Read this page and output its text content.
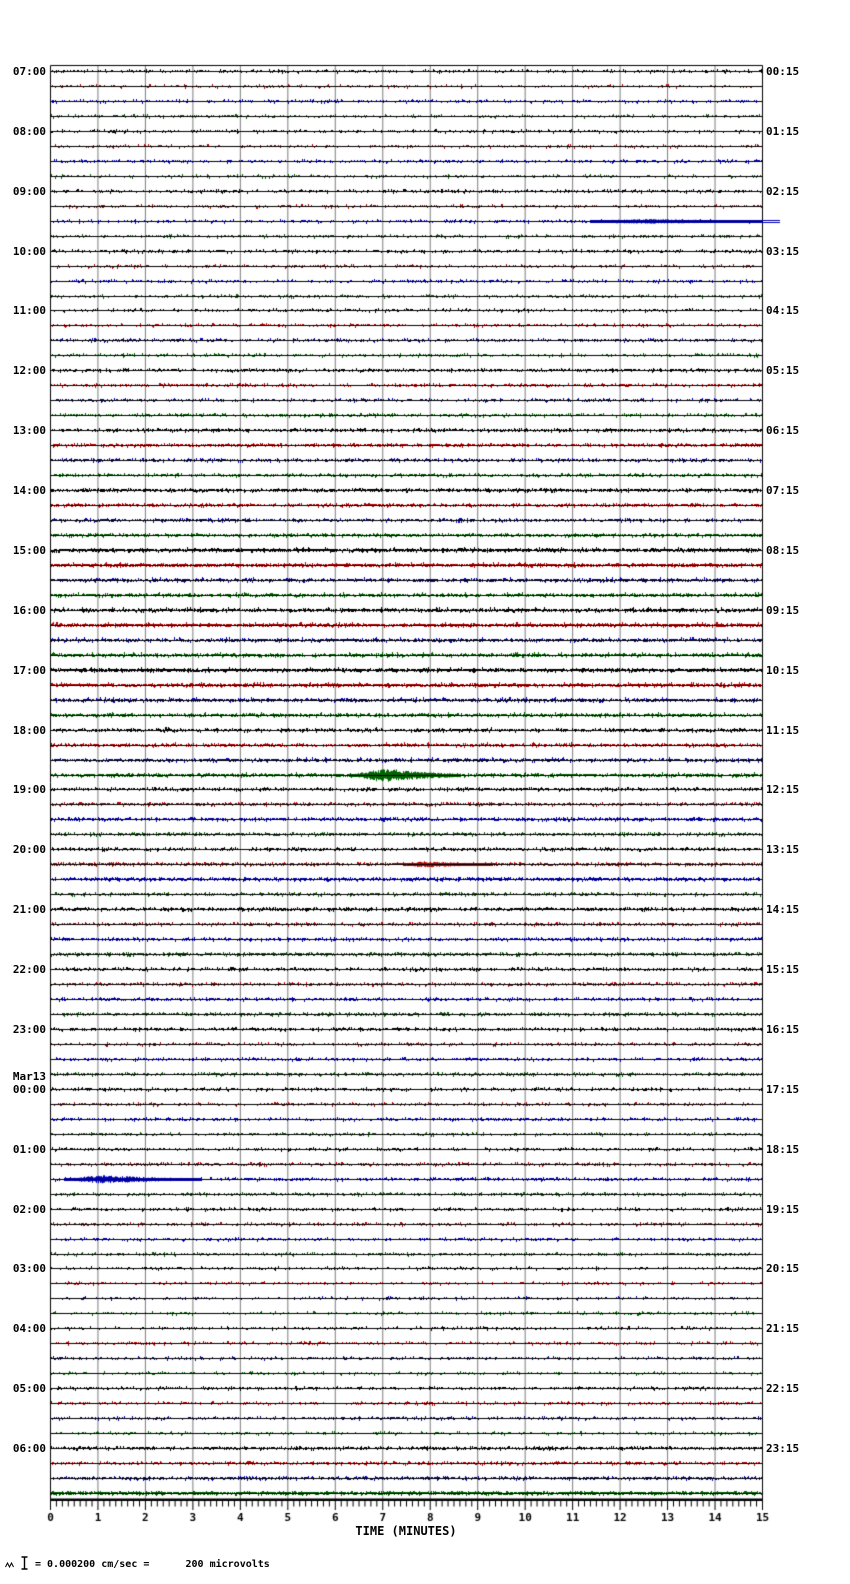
07:00
08:00
09:00
10:00
11:00
12:00
13:00
14:00
15:00
16:00
17:00
18:00
19:00
20:00
21:00
22:00
23:00
00:00
Mar13
01:00
02:00
03:00
04:00
05:00
06:00
00:15
01:15
02:15
03:15
04:15
05:15
06:15
07:15
08:15
09:15
10:15
11:15
12:15
13:15
14:15
15:15
16:15
17:15
18:15
19:15
20:15
21:15
22:15
23:15
TIME (MINUTES)
= 0.000200 cm/sec =      200 microvolts
